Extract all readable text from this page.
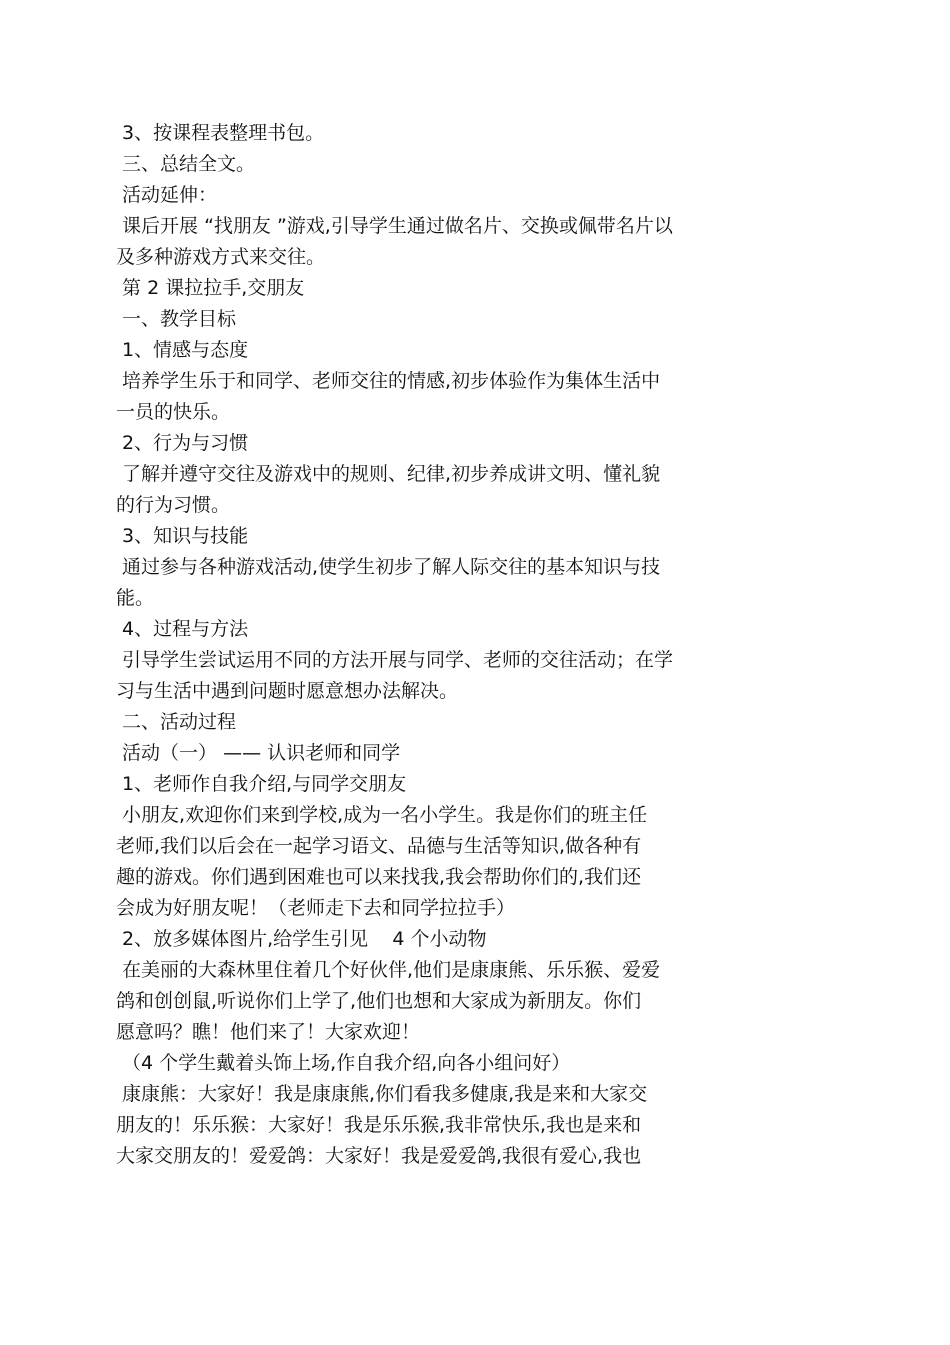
3、按课程表整理书包。
三、总结全文。
活动延伸：
课后开展 “找朋友 ”游戏,引导学生通过做名片、交换或佩带名片以
及多种游戏方式来交往。
第 2 课拉拉手,交朋友
一、教学目标
1、情感与态度
培养学生乐于和同学、老师交往的情感,初步体验作为集体生活中
一员的快乐。
2、行为与习惯
了解并遵守交往及游戏中的规则、纪律,初步养成讲文明、懂礼貌
的行为习惯。
3、知识与技能
通过参与各种游戏活动,使学生初步了解人际交往的基本知识与技
能。
4、过程与方法
引导学生尝试运用不同的方法开展与同学、老师的交往活动；在学
习与生活中遇到问题时愿意想办法解决。
二、活动过程
活动（一） —— 认识老师和同学
1、老师作自我介绍,与同学交朋友
小朋友,欢迎你们来到学校,成为一名小学生。我是你们的班主任
老师,我们以后会在一起学习语文、品德与生活等知识,做各种有
趣的游戏。你们遇到困难也可以来找我,我会帮助你们的,我们还
会成为好朋友呢！（老师走下去和同学拉拉手）
2、放多媒体图片,给学生引见    4 个小动物
在美丽的大森林里住着几个好伙伴,他们是康康熊、乐乐猴、爱爱
鸽和创创鼠,听说你们上学了,他们也想和大家成为新朋友。你们
愿意吗？瞧！他们来了！大家欢迎！
（4 个学生戴着头饰上场,作自我介绍,向各小组问好）
康康熊：大家好！我是康康熊,你们看我多健康,我是来和大家交
朋友的！乐乐猴：大家好！我是乐乐猴,我非常快乐,我也是来和
大家交朋友的！爱爱鸽：大家好！我是爱爱鸽,我很有爱心,我也
